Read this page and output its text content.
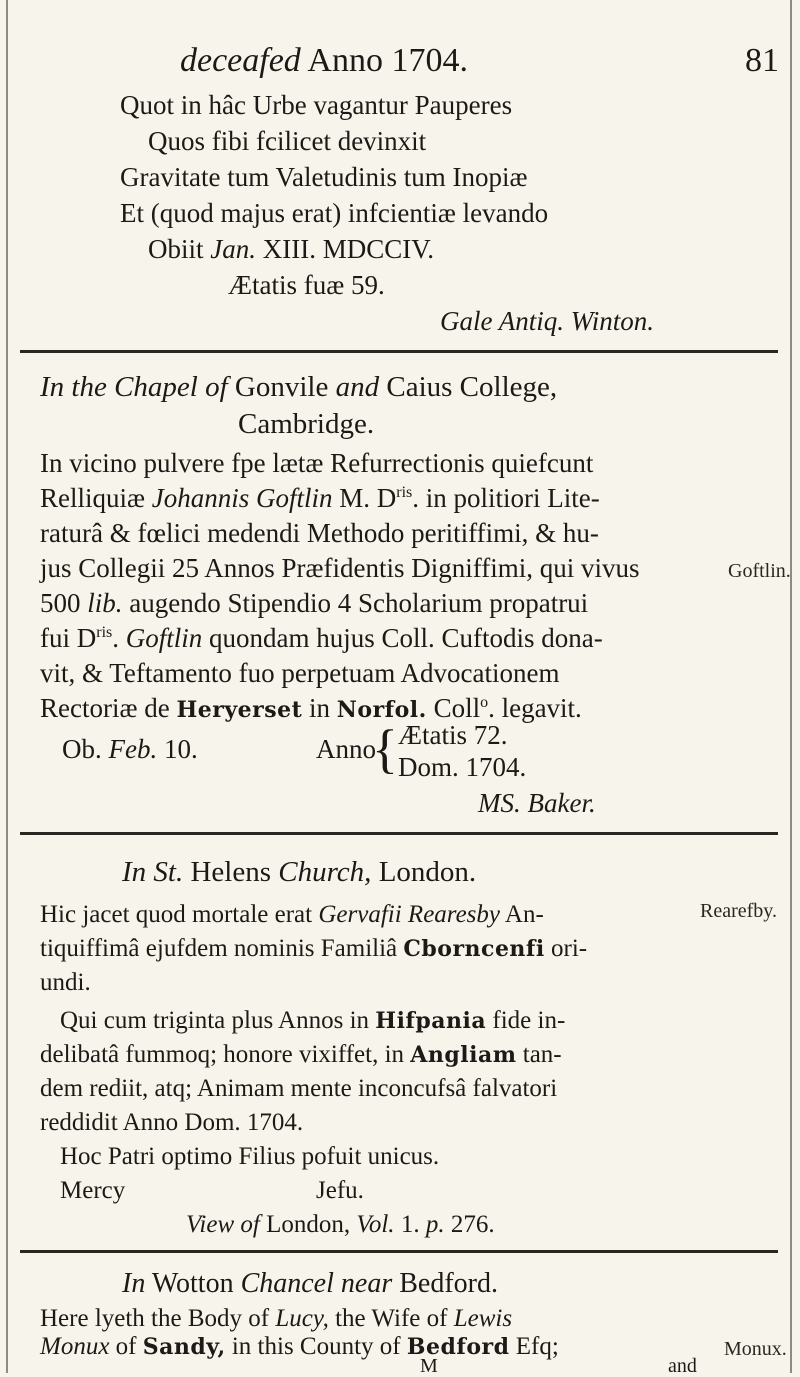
deceafed Anno 1704.	81
Quot in hâc Urbe vagantur Pauperes
Quos fibi fcilicet devinxit
Gravitate tum Valetudinis tum Inopiæ
Et (quod majus erat) infcientiæ levando
Obiit Jan. XIII. MDCCIV.
Ætatis fuæ 59.
Gale Antiq. Winton.
In the Chapel of Gonvile and Caius College,
Cambridge.
Goftlin.
In vicino pulvere fpe lætæ Refurrectionis quiefcunt
Relliquiæ Johannis Goftlin M. $D^{ris}$. in politiori Lite-
raturâ & fœlici medendi Methodo peritiffimi, & hu-
jus Collegii 25 Annos Præfidentis Digniffimi, qui vivus
500 lib. augendo Stipendio 4 Scholarium propatrui
fui $D^{ris}$. Goftlin quondam hujus Coll. Cuftodis dona-
vit, & Teftamento fuo perpetuam Advocationem
Rectoriæ de Heryerset in Norfol. Coll$^o$. legavit.
Ob. Feb. 10.	Anno
{ Ætatis 72.
Dom. 1704.
MS. Baker.
In St. Helens Church, London.
Rearefby.
Hic jacet quod mortale erat Gervafii Rearesby An-
tiquiffimâ ejufdem nominis Familiâ Cborncenfi ori-
undi.
Qui cum triginta plus Annos in Hifpania fide in-
delibatâ fummoq; honore vixiffet, in Angliam tan-
dem rediit, atq; Animam mente inconcufsâ falvatori
reddidit Anno Dom. 1704.
Hoc Patri optimo Filius pofuit unicus.
Mercy	Jefu.
View of London, Vol. 1. p. 276.
In Wotton Chancel near Bedford.
Here lyeth the Body of Lucy, the Wife of Lewis
Monux of Sandy, in this County of Bedford Efq;	Monux.
M	and
